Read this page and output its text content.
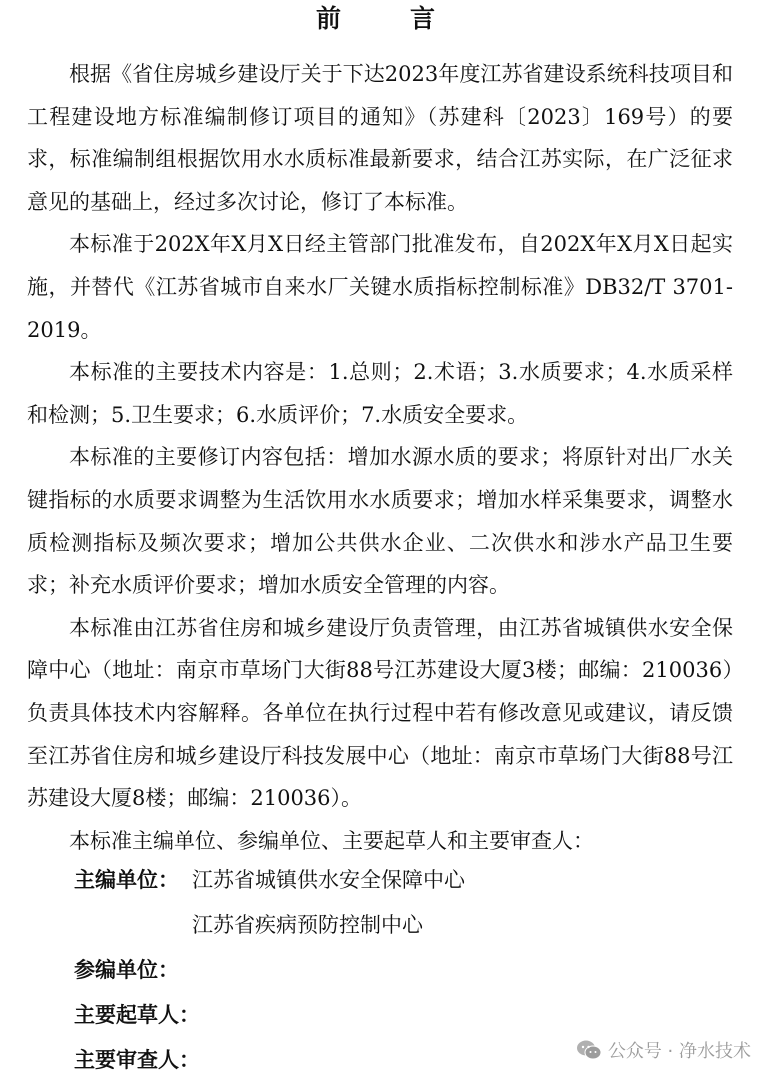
前　言

根据《省住房城乡建设厅关于下达2023年度江苏省建设系统科技项目和工程建设地方标准编制修订项目的通知》（苏建科〔2023〕169号）的要求，标准编制组根据饮用水水质标准最新要求，结合江苏实际，在广泛征求意见的基础上，经过多次讨论，修订了本标准。

本标准于202X年X月X日经主管部门批准发布，自202X年X月X日起实施，并替代《江苏省城市自来水厂关键水质指标控制标准》DB32/T 3701-2019。

本标准的主要技术内容是：1.总则；2.术语；3.水质要求；4.水质采样和检测；5.卫生要求；6.水质评价；7.水质安全要求。

本标准的主要修订内容包括：增加水源水质的要求；将原针对出厂水关键指标的水质要求调整为生活饮用水水质要求；增加水样采集要求，调整水质检测指标及频次要求；增加公共供水企业、二次供水和涉水产品卫生要求；补充水质评价要求；增加水质安全管理的内容。

本标准由江苏省住房和城乡建设厅负责管理，由江苏省城镇供水安全保障中心（地址：南京市草场门大街88号江苏建设大厦3楼；邮编：210036）负责具体技术内容解释。各单位在执行过程中若有修改意见或建议，请反馈至江苏省住房和城乡建设厅科技发展中心（地址：南京市草场门大街88号江苏建设大厦8楼；邮编：210036）。

本标准主编单位、参编单位、主要起草人和主要审查人：

主编单位： 江苏省城镇供水安全保障中心
江苏省疾病预防控制中心
参编单位：
主要起草人：
主要审查人：	公众号 · 净水技术
